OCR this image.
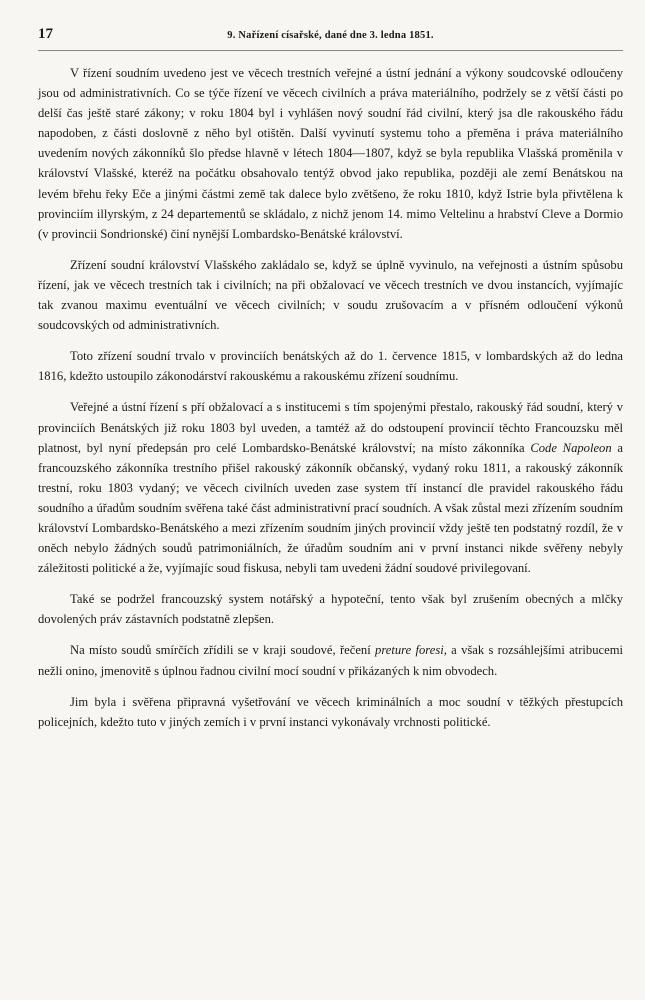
17	9. Nařízení císařské, dané dne 3. ledna 1851.

V řízení soudním uvedeno jest ve věcech trestních veřejné a ústní jednání a výkony soudcovské odloučeny jsou od administrativních. Co se týče řízení ve věcech civilních a práva materiálního, podržely se z větší části po delší čas ještě staré zákony; v roku 1804 byl i vyhlášen nový soudní řád civilní, který jsa dle rakouského řádu napodoben, z části doslovně z něho byl otištěn. Další vyvinutí systemu toho a přeměna i práva materiálního uvedením nových zákonníků šlo předse hlavně v létech 1804—1807, když se byla republika Vlašská proměnila v království Vlašské, kteréž na počátku obsahovalo tentýž obvod jako republika, později ale zemí Benátskou na levém břehu řeky Eče a jinými částmi země tak dalece bylo zvětšeno, že roku 1810, když Istrie byla přivtělena k provinciím illyrským, z 24 departementů se skládalo, z nichž jenom 14. mimo Veltelinu a hrabství Cleve a Dormio (v provincii Sondrionské) činí nynější Lombardsko-Benátské království.

Zřízení soudní království Vlašského zakládalo se, když se úplně vyvinulo, na veřejnosti a ústním spůsobu řízení, jak ve věcech trestních tak i civilních; na při obžalovací ve věcech trestních ve dvou instancích, vyjímajíc tak zvanou maximu eventuální ve věcech civilních; v soudu zrušovacím a v přísném odloučení výkonů soudcovských od administrativních.

Toto zřízení soudní trvalo v provinciích benátských až do 1. července 1815, v lombardských až do ledna 1816, kdežto ustoupilo zákonodárství rakouskému a rakouskému zřízení soudnímu.

Veřejné a ústní řízení s pří obžalovací a s institucemi s tím spojenými přestalo, rakouský řád soudní, který v provinciích Benátských již roku 1803 byl uveden, a tamtéž až do odstoupení provincií těchto Francouzsku měl platnost, byl nyní předepsán pro celé Lombardsko-Benátské království; na místo zákonníka Code Napoleon a francouzského zákonníka trestního přišel rakouský zákonník občanský, vydaný roku 1811, a rakouský zákonník trestní, roku 1803 vydaný; ve věcech civilních uveden zase system tří instancí dle pravidel rakouského řádu soudního a úřadům soudním svěřena také část administrativní prací soudních. A však zůstal mezi zřízením soudním království Lombardsko-Benátského a mezi zřízením soudním jiných provincií vždy ještě ten podstatný rozdíl, že v oněch nebylo žádných soudů patrimoniálních, že úřadům soudním ani v první instanci nikde svěřeny nebyly záležitosti politické a že, vyjímajíc soud fiskusa, nebyli tam uvedeni žádní soudové privilegovaní.

Také se podržel francouzský system notářský a hypoteční, tento však byl zrušením obecných a mlčky dovolených práv zástavních podstatně zlepšen.

Na místo soudů smírčích zřídili se v kraji soudové, řečení preture foresi, a však s rozsáhlejšími atribucemi nežli onino, jmenovitě s úplnou řadnou civilní mocí soudní v přikázaných k nim obvodech.

Jim byla i svěřena připravná vyšetřování ve věcech kriminálních a moc soudní v těžkých přestupcích policejních, kdežto tuto v jiných zemích i v první instanci vykonávaly vrchnosti politické.
